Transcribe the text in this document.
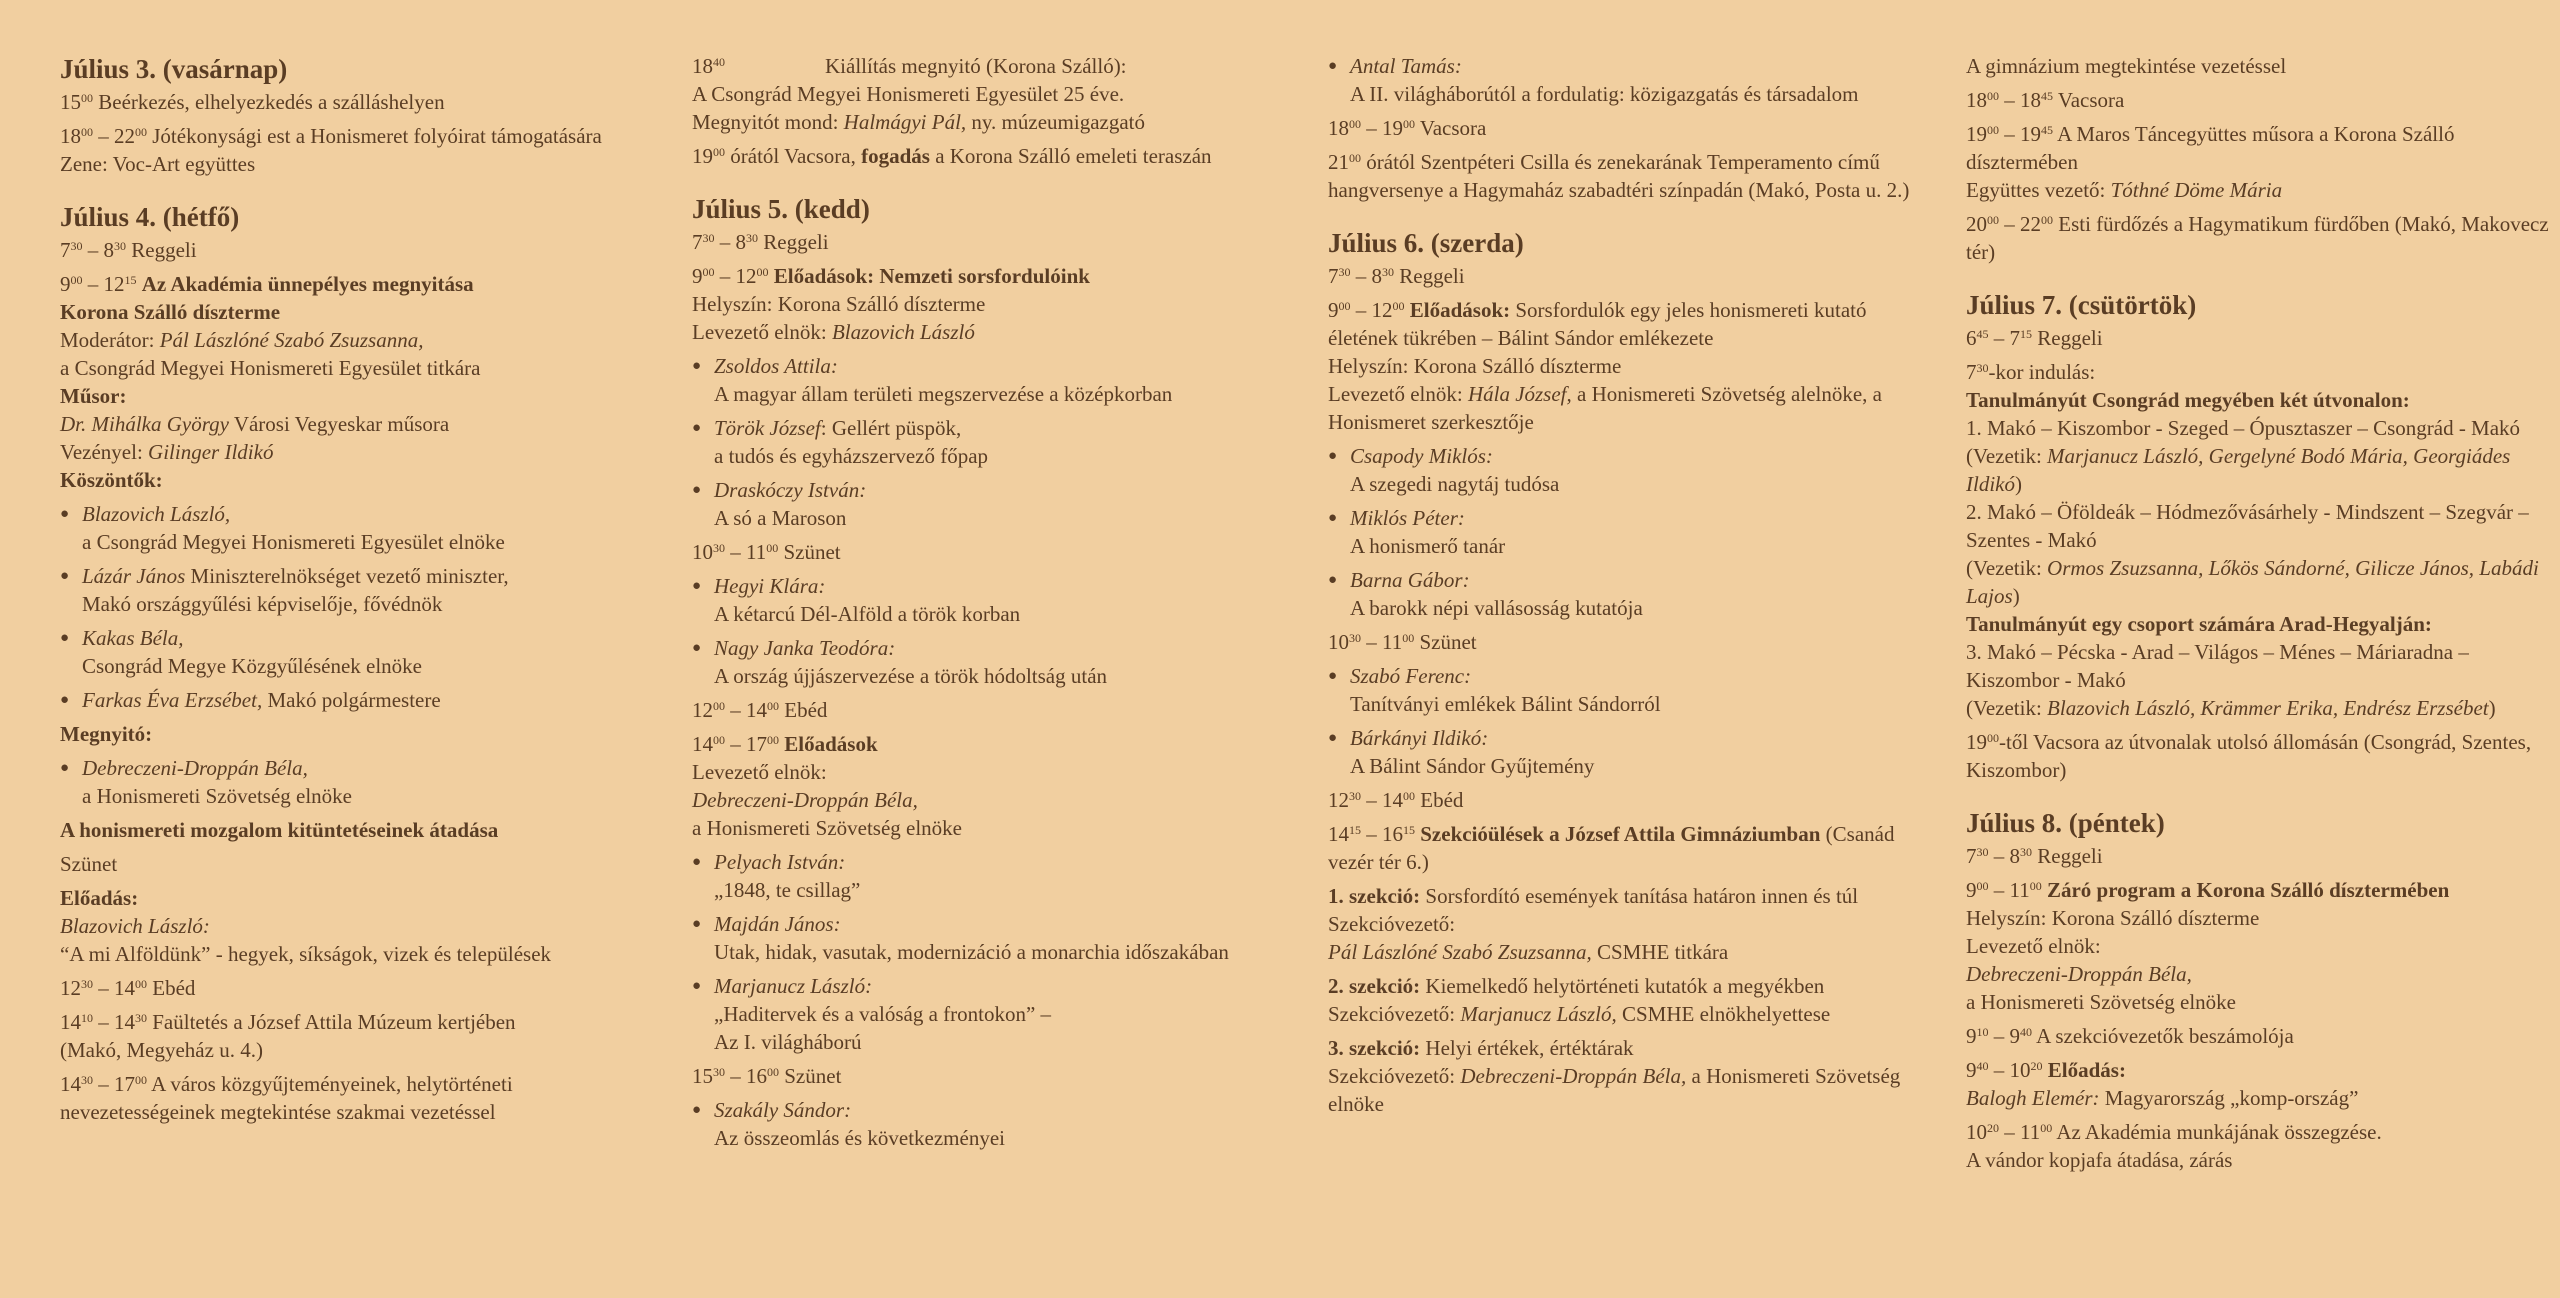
Július 3. (vasárnap)
$15^{00}$ Beérkezés, elhelyezkedés a szálláshelyen
$18^{00} - 22^{00}$ Jótékonysági est a Honismeret folyóirat támogatására
Zene: Voc-Art együttes
Július 4. (hétfő)
$7^{30} - 8^{30}$ Reggeli
$9^{00} - 12^{15}$ Az Akadémia ünnepélyes megnyitása
Korona Szálló díszterme
Moderátor: Pál Lászlóné Szabó Zsuzsanna,
a Csongrád Megyei Honismereti Egyesület titkára
Műsor:
Dr. Mihálka György Városi Vegyeskar műsora
Vezényel: Gilinger Ildikó
Köszöntők:
● Blazovich László,
a Csongrád Megyei Honismereti Egyesület elnöke
● Lázár János Miniszterelnökséget vezető miniszter,
Makó országgyűlési képviselője, fővédnök
● Kakas Béla,
Csongrád Megye Közgyűlésének elnöke
● Farkas Éva Erzsébet, Makó polgármestere
Megnyitó:
● Debreczeni-Droppán Béla,
a Honismereti Szövetség elnöke
A honismereti mozgalom kitüntetéseinek átadása
Szünet
Előadás:
Blazovich László:
“A mi Alföldünk” - hegyek, síkságok, vizek és települések
$12^{30} - 14^{00}$ Ebéd
$14^{10} - 14^{30}$ Faültetés a József Attila Múzeum kertjében
(Makó, Megyeház u. 4.)
$14^{30} - 17^{00}$ A város közgyűjteményeinek, helytörténeti nevezetességeinek megtekintése szakmai vezetéssel
$18^{40}$	Kiállítás megnyitó (Korona Szálló):
A Csongrád Megyei Honismereti Egyesület 25 éve.
Megnyitót mond: Halmágyi Pál, ny. múzeumigazgató
$19^{00}$ órától Vacsora, fogadás a Korona Szálló emeleti teraszán
Július 5. (kedd)
$7^{30} - 8^{30}$ Reggeli
$9^{00} - 12^{00}$ Előadások: Nemzeti sorsfordulóink
Helyszín: Korona Szálló díszterme
Levezető elnök: Blazovich László
● Zsoldos Attila:
A magyar állam területi megszervezése a középkorban
● Török József: Gellért püspök,
a tudós és egyházszervező főpap
● Draskóczy István:
A só a Maroson
$10^{30} - 11^{00}$ Szünet
● Hegyi Klára:
A kétarcú Dél-Alföld a török korban
● Nagy Janka Teodóra:
A ország újjászervezése a török hódoltság után
$12^{00} - 14^{00}$ Ebéd
$14^{00} - 17^{00}$ Előadások
Levezető elnök:
Debreczeni-Droppán Béla,
a Honismereti Szövetség elnöke
● Pelyach István:
„1848, te csillag”
● Majdán János:
Utak, hidak, vasutak, modernizáció a monarchia időszakában
● Marjanucz László:
„Haditervek és a valóság a frontokon” –
Az I. világháború
$15^{30} - 16^{00}$ Szünet
● Szakály Sándor:
Az összeomlás és következményei
● Antal Tamás:
A II. világháborútól a fordulatig: közigazgatás és társadalom
$18^{00} - 19^{00}$ Vacsora
$21^{00}$ órától Szentpéteri Csilla és zenekarának Temperamento című hangversenye a Hagymaház szabadtéri színpadán (Makó, Posta u. 2.)
Július 6. (szerda)
$7^{30} - 8^{30}$ Reggeli
$9^{00} - 12^{00}$ Előadások: Sorsfordulók egy jeles honismereti kutató életének tükrében – Bálint Sándor emlékezete
Helyszín: Korona Szálló díszterme
Levezető elnök: Hála József, a Honismereti Szövetség alelnöke, a Honismeret szerkesztője
● Csapody Miklós:
A szegedi nagytáj tudósa
● Miklós Péter:
A honismerő tanár
● Barna Gábor:
A barokk népi vallásosság kutatója
$10^{30} - 11^{00}$ Szünet
● Szabó Ferenc:
Tanítványi emlékek Bálint Sándorról
● Bárkányi Ildikó:
A Bálint Sándor Gyűjtemény
$12^{30} - 14^{00}$ Ebéd
$14^{15} - 16^{15}$ Szekcióülések a József Attila Gimnáziumban (Csanád vezér tér 6.)
1. szekció: Sorsfordító események tanítása határon innen és túl
Szekcióvezető:
Pál Lászlóné Szabó Zsuzsanna, CSMHE titkára
2. szekció: Kiemelkedő helytörténeti kutatók a megyékben
Szekcióvezető: Marjanucz László, CSMHE elnökhelyettese
3. szekció: Helyi értékek, értéktárak
Szekcióvezető: Debreczeni-Droppán Béla, a Honismereti Szövetség elnöke
A gimnázium megtekintése vezetéssel
$18^{00} - 18^{45}$ Vacsora
$19^{00} - 19^{45}$ A Maros Táncegyüttes műsora a Korona Szálló dísztermében
Együttes vezető: Tóthné Döme Mária
$20^{00} - 22^{00}$ Esti fürdőzés a Hagymatikum fürdőben (Makó, Makovecz tér)
Július 7. (csütörtök)
$6^{45} - 7^{15}$ Reggeli
$7^{30}$-kor indulás:
Tanulmányút Csongrád megyében két útvonalon:
1. Makó – Kiszombor - Szeged – Ópusztaszer – Csongrád - Makó
(Vezetik: Marjanucz László, Gergelyné Bodó Mária, Georgiádes Ildikó)
2. Makó – Öföldeák – Hódmezővásárhely - Mindszent – Szegvár – Szentes - Makó
(Vezetik: Ormos Zsuzsanna, Lőkös Sándorné, Gilicze János, Labádi Lajos)
Tanulmányút egy csoport számára Arad-Hegyalján:
3. Makó – Pécska - Arad – Világos – Ménes – Máriaradna – Kiszombor - Makó
(Vezetik: Blazovich László, Krämmer Erika, Endrész Erzsébet)
$19^{00}$-től Vacsora az útvonalak utolsó állomásán (Csongrád, Szentes, Kiszombor)
Július 8. (péntek)
$7^{30} - 8^{30}$ Reggeli
$9^{00} - 11^{00}$ Záró program a Korona Szálló dísztermében
Helyszín: Korona Szálló díszterme
Levezető elnök:
Debreczeni-Droppán Béla,
a Honismereti Szövetség elnöke
$9^{10} - 9^{40}$ A szekcióvezetők beszámolója
$9^{40} - 10^{20}$ Előadás:
Balogh Elemér: Magyarország „komp-ország”
$10^{20} - 11^{00}$ Az Akadémia munkájának összegzése.
A vándor kopjafa átadása, zárás
